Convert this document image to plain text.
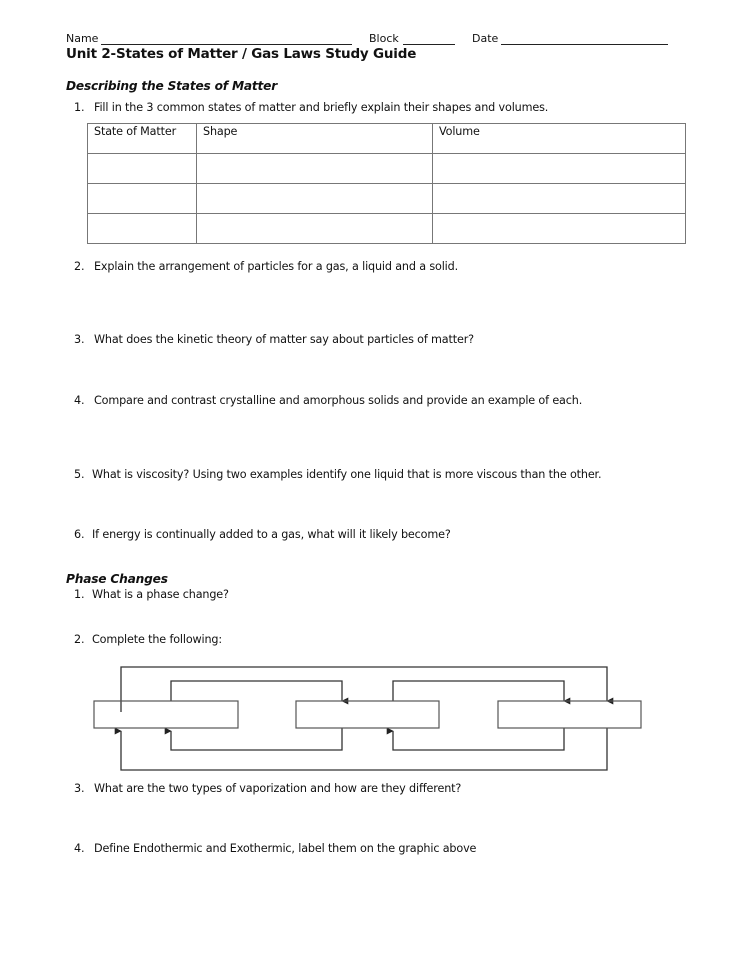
Name	Block	Date
Unit 2-States of Matter / Gas Laws Study Guide
Describing the States of Matter
1. Fill in the 3 common states of matter and briefly explain their shapes and volumes.
State of Matter	Shape	Volume

2. Explain the arrangement of particles for a gas, a liquid and a solid.
3. What does the kinetic theory of matter say about particles of matter?
4. Compare and contrast crystalline and amorphous solids and provide an example of each.
5. What is viscosity? Using two examples identify one liquid that is more viscous than the other.
6. If energy is continually added to a gas, what will it likely become?
Phase Changes
1. What is a phase change?
2. Complete the following:
3. What are the two types of vaporization and how are they different?
4. Define Endothermic and Exothermic, label them on the graphic above
